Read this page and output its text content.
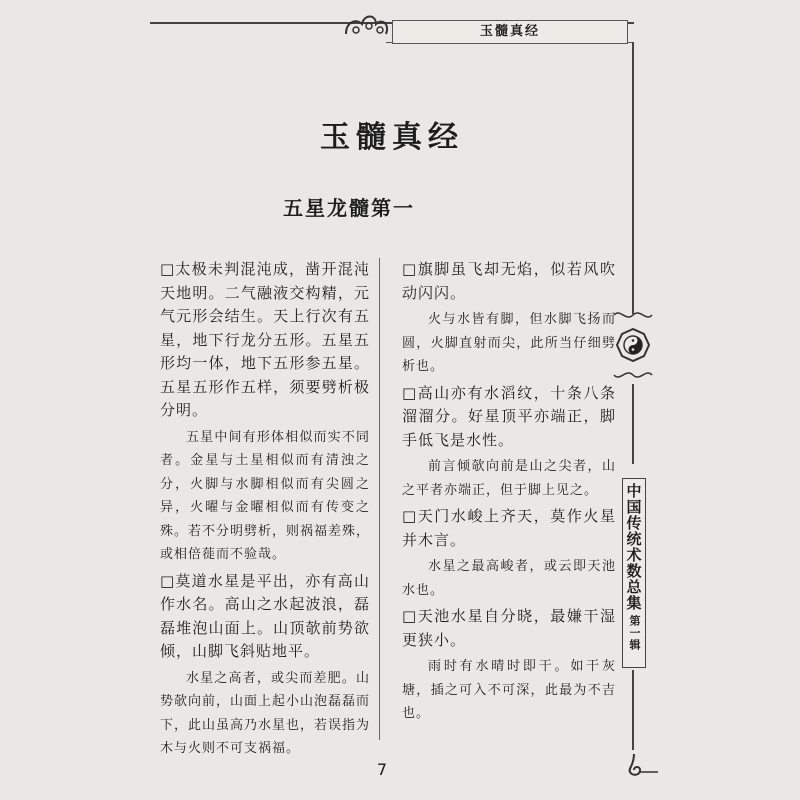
玉髓真经
玉髓真经
五星龙髓第一

□太极未判混沌成，凿开混沌天地明。二气融液交构精，元气元形会结生。天上行次有五星，地下行龙分五形。五星五形均一体，地下五形参五星。五星五形作五样，须要劈析极分明。

五星中间有形体相似而实不同者。金星与土星相似而有清浊之分，火脚与水脚相似而有尖圆之异，火曜与金曜相似而有传变之殊。若不分明劈析，则祸福差殊，或相倍蓰而不验哉。

□莫道水星是平出，亦有高山作水名。高山之水起波浪，磊磊堆泡山面上。山顶欹前势欲倾，山脚飞斜贴地平。

水星之高者，或尖而差肥。山势欹向前，山面上起小山泡磊磊而下，此山虽高乃水星也，若误指为木与火则不可支祸福。

□旗脚虽飞却无焰，似若风吹动闪闪。

火与水皆有脚，但水脚飞扬而圆，火脚直射而尖，此所当仔细劈析也。

□高山亦有水滔纹，十条八条溜溜分。好星顶平亦端正，脚手低飞是水性。

前言倾欹向前是山之尖者，山之平者亦端正，但于脚上见之。

□天门水峻上齐天，莫作火星并木言。

水星之最高峻者，或云即天池水也。

□天池水星自分晓，最嫌干湿更狭小。

雨时有水晴时即干。如干灰塘，插之可入不可深，此最为不吉也。

中国传统术数总集
第一辑
7
